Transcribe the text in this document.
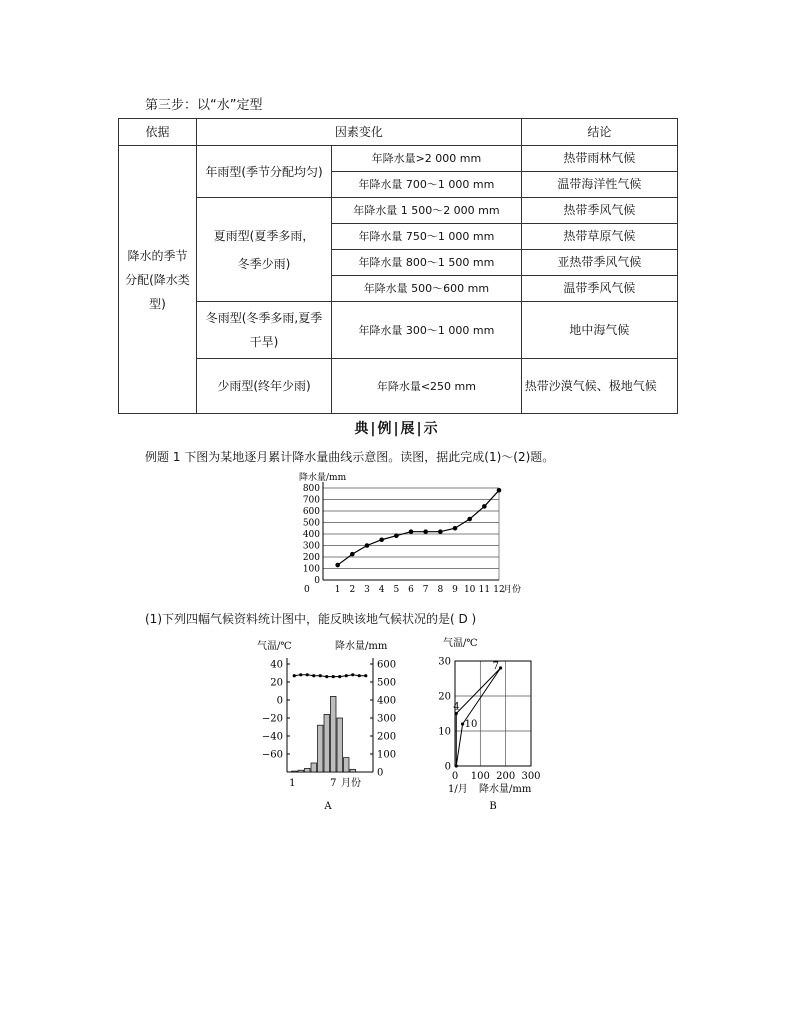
第三步：以“水”定型
依据	因素变化		结论
降水的季节分配(降水类型)	年雨型(季节分配均匀)	年降水量>2 000 mm	热带雨林气候
		年降水量 700～1 000 mm	温带海洋性气候
	夏雨型(夏季多雨，冬季少雨)	年降水量 1 500～2 000 mm	热带季风气候
		年降水量 750～1 000 mm	热带草原气候
		年降水量 800～1 500 mm	亚热带季风气候
		年降水量 500～600 mm	温带季风气候
	冬雨型(冬季多雨,夏季干旱)	年降水量 300～1 000 mm	地中海气候
	少雨型(终年少雨)	年降水量<250 mm	热带沙漠气候、极地气候
典|例|展|示
例题 1 下图为某地逐月累计降水量曲线示意图。读图，据此完成(1)～(2)题。
降水量/mm
0
100
200
300
400
500
600
700
800
1 2 3 4 5 6 7 8 9 10 11 12
0	月份
(1)下列四幅气候资料统计图中，能反映该地气候状况的是( D )
气温/℃	降水量/mm
40
20
0
−20
−40
−60
600
500
400
300
200
100
0
1	7 月份
A
气温/℃
0
10
20
30
0 100 200 300
1/月 降水量/mm
4
7
10
B
